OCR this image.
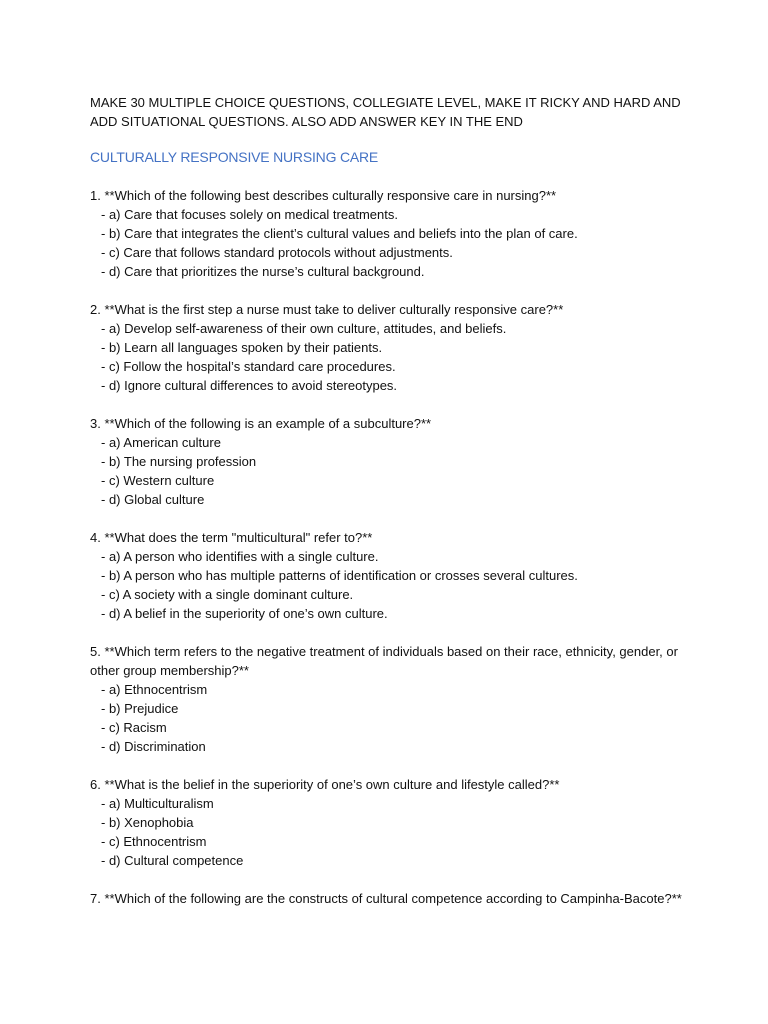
MAKE 30 MULTIPLE CHOICE QUESTIONS, COLLEGIATE LEVEL, MAKE IT RICKY AND HARD AND
ADD SITUATIONAL QUESTIONS. ALSO ADD ANSWER KEY IN THE END

CULTURALLY RESPONSIVE NURSING CARE

1. **Which of the following best describes culturally responsive care in nursing?**

- a) Care that focuses solely on medical treatments.
- b) Care that integrates the client’s cultural values and beliefs into the plan of care.
- c) Care that follows standard protocols without adjustments.
- d) Care that prioritizes the nurse’s cultural background.

2. **What is the first step a nurse must take to deliver culturally responsive care?**

- a) Develop self-awareness of their own culture, attitudes, and beliefs.
- b) Learn all languages spoken by their patients.
- c) Follow the hospital’s standard care procedures.
- d) Ignore cultural differences to avoid stereotypes.

3. **Which of the following is an example of a subculture?**

- a) American culture
- b) The nursing profession
- c) Western culture
- d) Global culture

4. **What does the term "multicultural" refer to?**

- a) A person who identifies with a single culture.
- b) A person who has multiple patterns of identification or crosses several cultures.
- c) A society with a single dominant culture.
- d) A belief in the superiority of one’s own culture.

5. **Which term refers to the negative treatment of individuals based on their race, ethnicity, gender, or other group membership?**

- a) Ethnocentrism
- b) Prejudice
- c) Racism
- d) Discrimination

6. **What is the belief in the superiority of one’s own culture and lifestyle called?**

- a) Multiculturalism
- b) Xenophobia
- c) Ethnocentrism
- d) Cultural competence

7. **Which of the following are the constructs of cultural competence according to Campinha-Bacote?**
